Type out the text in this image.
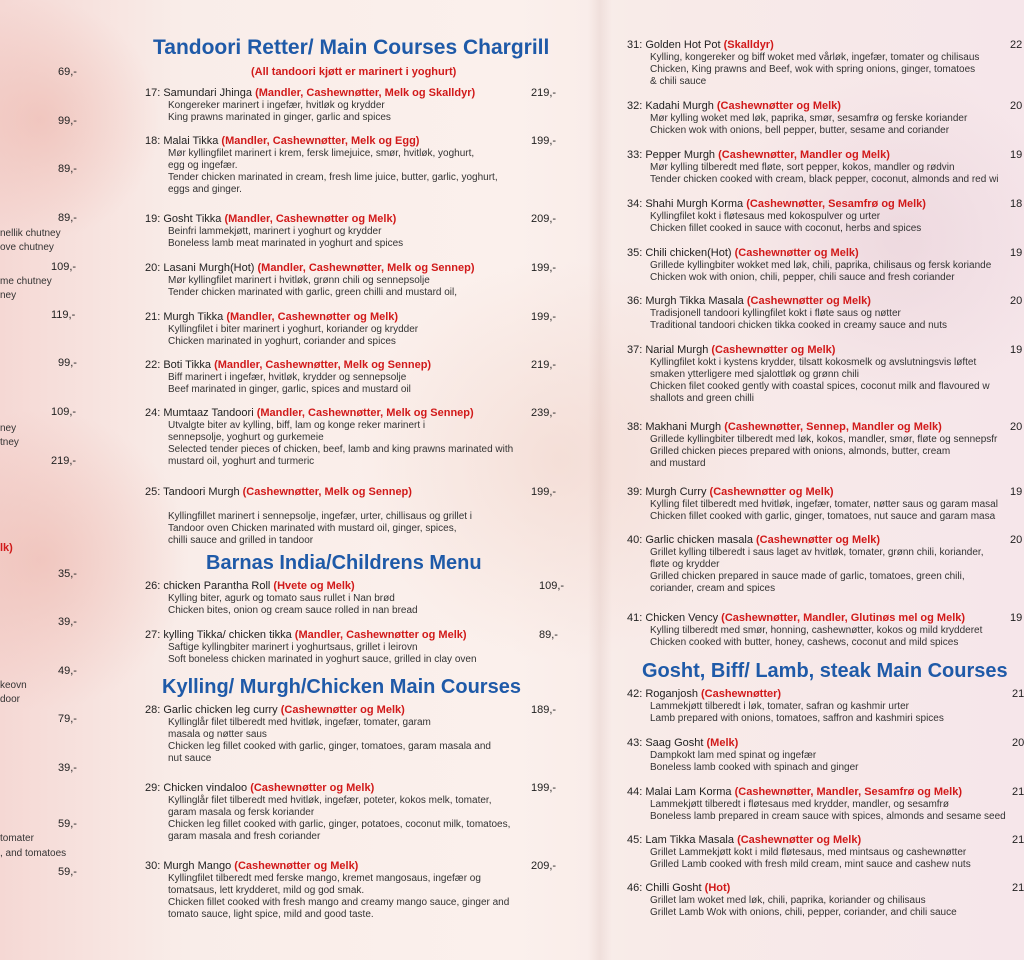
69,-
99,-
89,-
89,-
109,-
119,-
99,-
109,-
219,-
35,-
39,-
49,-
79,-
39,-
59,-
59,-
nellik chutney
ove chutney
me chutney
ney
ney
tney
lk)
keovn
door
tomater
, and tomatoes
Tandoori Retter/ Main Courses Chargrill
(All tandoori kjøtt er marinert i yoghurt)
Barnas India/Childrens Menu
Kylling/ Murgh/Chicken Main Courses
17: Samundari Jhinga (Mandler, Cashewnøtter, Melk og Skalldyr)	219,-
Kongereker marinert i ingefær, hvitløk og krydder
King prawns marinated in ginger, garlic and spices
18: Malai Tikka (Mandler, Cashewnøtter, Melk og Egg)	199,-
Mør kyllingfilet marinert i krem, fersk limejuice, smør, hvitløk, yoghurt,
egg og ingefær.
Tender chicken marinated in cream, fresh lime juice, butter, garlic, yoghurt,
eggs and ginger.
19: Gosht Tikka (Mandler, Cashewnøtter og Melk)	209,-
Beinfri lammekjøtt, marinert i yoghurt og krydder
Boneless lamb meat marinated in yoghurt and spices
20: Lasani Murgh(Hot) (Mandler, Cashewnøtter, Melk og Sennep)	199,-
Mør kyllingfilet marinert i hvitløk, grønn chili og sennepsolje
Tender chicken marinated with garlic, green chilli and mustard oil,
21: Murgh Tikka (Mandler, Cashewnøtter og Melk)	199,-
Kyllingfilet i biter marinert i yoghurt, koriander og krydder
Chicken marinated in yoghurt, coriander and spices
22: Boti Tikka (Mandler, Cashewnøtter, Melk og Sennep)	219,-
Biff marinert i ingefær, hvitløk, krydder og sennepsolje
Beef marinated in ginger, garlic, spices and mustard oil
24: Mumtaaz Tandoori (Mandler, Cashewnøtter, Melk og Sennep)	239,-
Utvalgte biter av kylling, biff, lam og konge reker marinert i
sennepsolje, yoghurt og gurkemeie
Selected tender pieces of chicken, beef, lamb and king prawns marinated with
mustard oil, yoghurt and turmeric
25: Tandoori Murgh (Cashewnøtter, Melk og Sennep)	199,-

Kyllingfillet marinert i sennepsolje, ingefær, urter, chillisaus og grillet i
Tandoor oven Chicken marinated with mustard oil, ginger, spices,
chilli sauce and grilled in tandoor
26: chicken Parantha Roll (Hvete og Melk)	109,-
Kylling biter, agurk og tomato saus rullet i Nan brød
Chicken bites, onion og cream sauce rolled in nan bread
27: kylling Tikka/ chicken tikka (Mandler, Cashewnøtter og Melk)	89,-
Saftige kyllingbiter marinert i yoghurtsaus, grillet i leirovn
Soft boneless chicken marinated in yoghurt sauce, grilled in clay oven
28: Garlic chicken leg curry (Cashewnøtter og Melk)	189,-
Kyllinglår filet tilberedt med hvitløk, ingefær, tomater, garam
masala og nøtter saus
Chicken leg fillet cooked with garlic, ginger, tomatoes, garam masala and
nut sauce
29: Chicken vindaloo (Cashewnøtter og Melk)	199,-
Kyllinglår filet tilberedt med hvitløk, ingefær, poteter, kokos melk, tomater,
garam masala og fersk koriander
Chicken leg fillet cooked with garlic, ginger, potatoes, coconut milk, tomatoes,
garam masala and fresh coriander
30: Murgh Mango (Cashewnøtter og Melk)	209,-
Kyllingfilet tilberedt med ferske mango, kremet mangosaus, ingefær og
tomatsaus, lett krydderet, mild og god smak.
Chicken fillet cooked with fresh mango and creamy mango sauce, ginger and
tomato sauce, light spice, mild and good taste.
Gosht, Biff/ Lamb, steak Main Courses
31: Golden Hot Pot (Skalldyr)	22
Kylling, kongereker og biff woket med vårløk, ingefær, tomater og chilisaus
Chicken, King prawns and Beef, wok with spring onions, ginger, tomatoes
& chili sauce
32: Kadahi Murgh (Cashewnøtter og Melk)	20
Mør kylling woket med løk, paprika, smør, sesamfrø og ferske koriander
Chicken wok with onions, bell pepper, butter, sesame and coriander
33: Pepper Murgh (Cashewnøtter, Mandler og Melk)	19
Mør kylling tilberedt med fløte, sort pepper, kokos, mandler og rødvin
Tender chicken cooked with cream, black pepper, coconut, almonds and red wi
34: Shahi Murgh Korma (Cashewnøtter, Sesamfrø og Melk)	18
Kyllingfilet kokt i fløtesaus med kokospulver og urter
Chicken fillet cooked in sauce with coconut, herbs and spices
35: Chili chicken(Hot) (Cashewnøtter og Melk)	19
Grillede kyllingbiter wokket med løk, chili, paprika, chilisaus og fersk koriande
Chicken wok with onion, chili, pepper, chili sauce and fresh coriander
36: Murgh Tikka Masala (Cashewnøtter og Melk)	20
Tradisjonell tandoori kyllingfilet kokt i fløte saus og nøtter
Traditional tandoori chicken tikka cooked in creamy sauce and nuts
37: Narial Murgh (Cashewnøtter og Melk)	19
Kyllingfilet kokt i kystens krydder, tilsatt kokosmelk og avslutningsvis løftet
smaken ytterligere med sjalottløk og grønn chili
Chicken filet cooked gently with coastal spices, coconut milk and flavoured w
shallots and green chilli
38: Makhani Murgh (Cashewnøtter, Sennep, Mandler og Melk)	20
Grillede kyllingbiter tilberedt med løk, kokos, mandler, smør, fløte og sennepsfr
Grilled chicken pieces prepared with onions, almonds, butter, cream
and mustard
39: Murgh Curry (Cashewnøtter og Melk)	19
Kylling filet tilberedt med hvitløk, ingefær, tomater, nøtter saus og garam masal
Chicken fillet cooked with garlic, ginger, tomatoes, nut sauce and garam masa
40: Garlic chicken masala (Cashewnøtter og Melk)	20
Grillet kylling tilberedt i saus laget av hvitløk, tomater, grønn chili, koriander,
fløte og krydder
Grilled chicken prepared in sauce made of garlic, tomatoes, green chili,
coriander, cream and spices
41: Chicken Vency (Cashewnøtter, Mandler, Glutinøs mel og Melk)	19
Kylling tilberedt med smør, honning, cashewnøtter, kokos og mild krydderet
Chicken cooked with butter, honey, cashews, coconut and mild spices
42: Roganjosh (Cashewnøtter)	21
Lammekjøtt tilberedt i løk, tomater, safran og kashmir urter
Lamb prepared with onions, tomatoes, saffron and kashmiri spices
43: Saag Gosht (Melk)	20
Dampkokt lam med spinat og ingefær
Boneless lamb cooked with spinach and ginger
44: Malai Lam Korma (Cashewnøtter, Mandler, Sesamfrø og Melk)	21
Lammekjøtt tilberedt i fløtesaus med krydder, mandler, og sesamfrø
Boneless lamb prepared in cream sauce with spices, almonds and sesame seed
45: Lam Tikka Masala (Cashewnøtter og Melk)	21
Grillet Lammekjøtt kokt i mild fløtesaus, med mintsaus og cashewnøtter
Grilled Lamb cooked with fresh mild cream, mint sauce and cashew nuts
46: Chilli Gosht (Hot)	21
Grillet lam woket med løk, chili, paprika, koriander og chilisaus
Grillet Lamb Wok with onions, chili, pepper, coriander, and chili sauce
